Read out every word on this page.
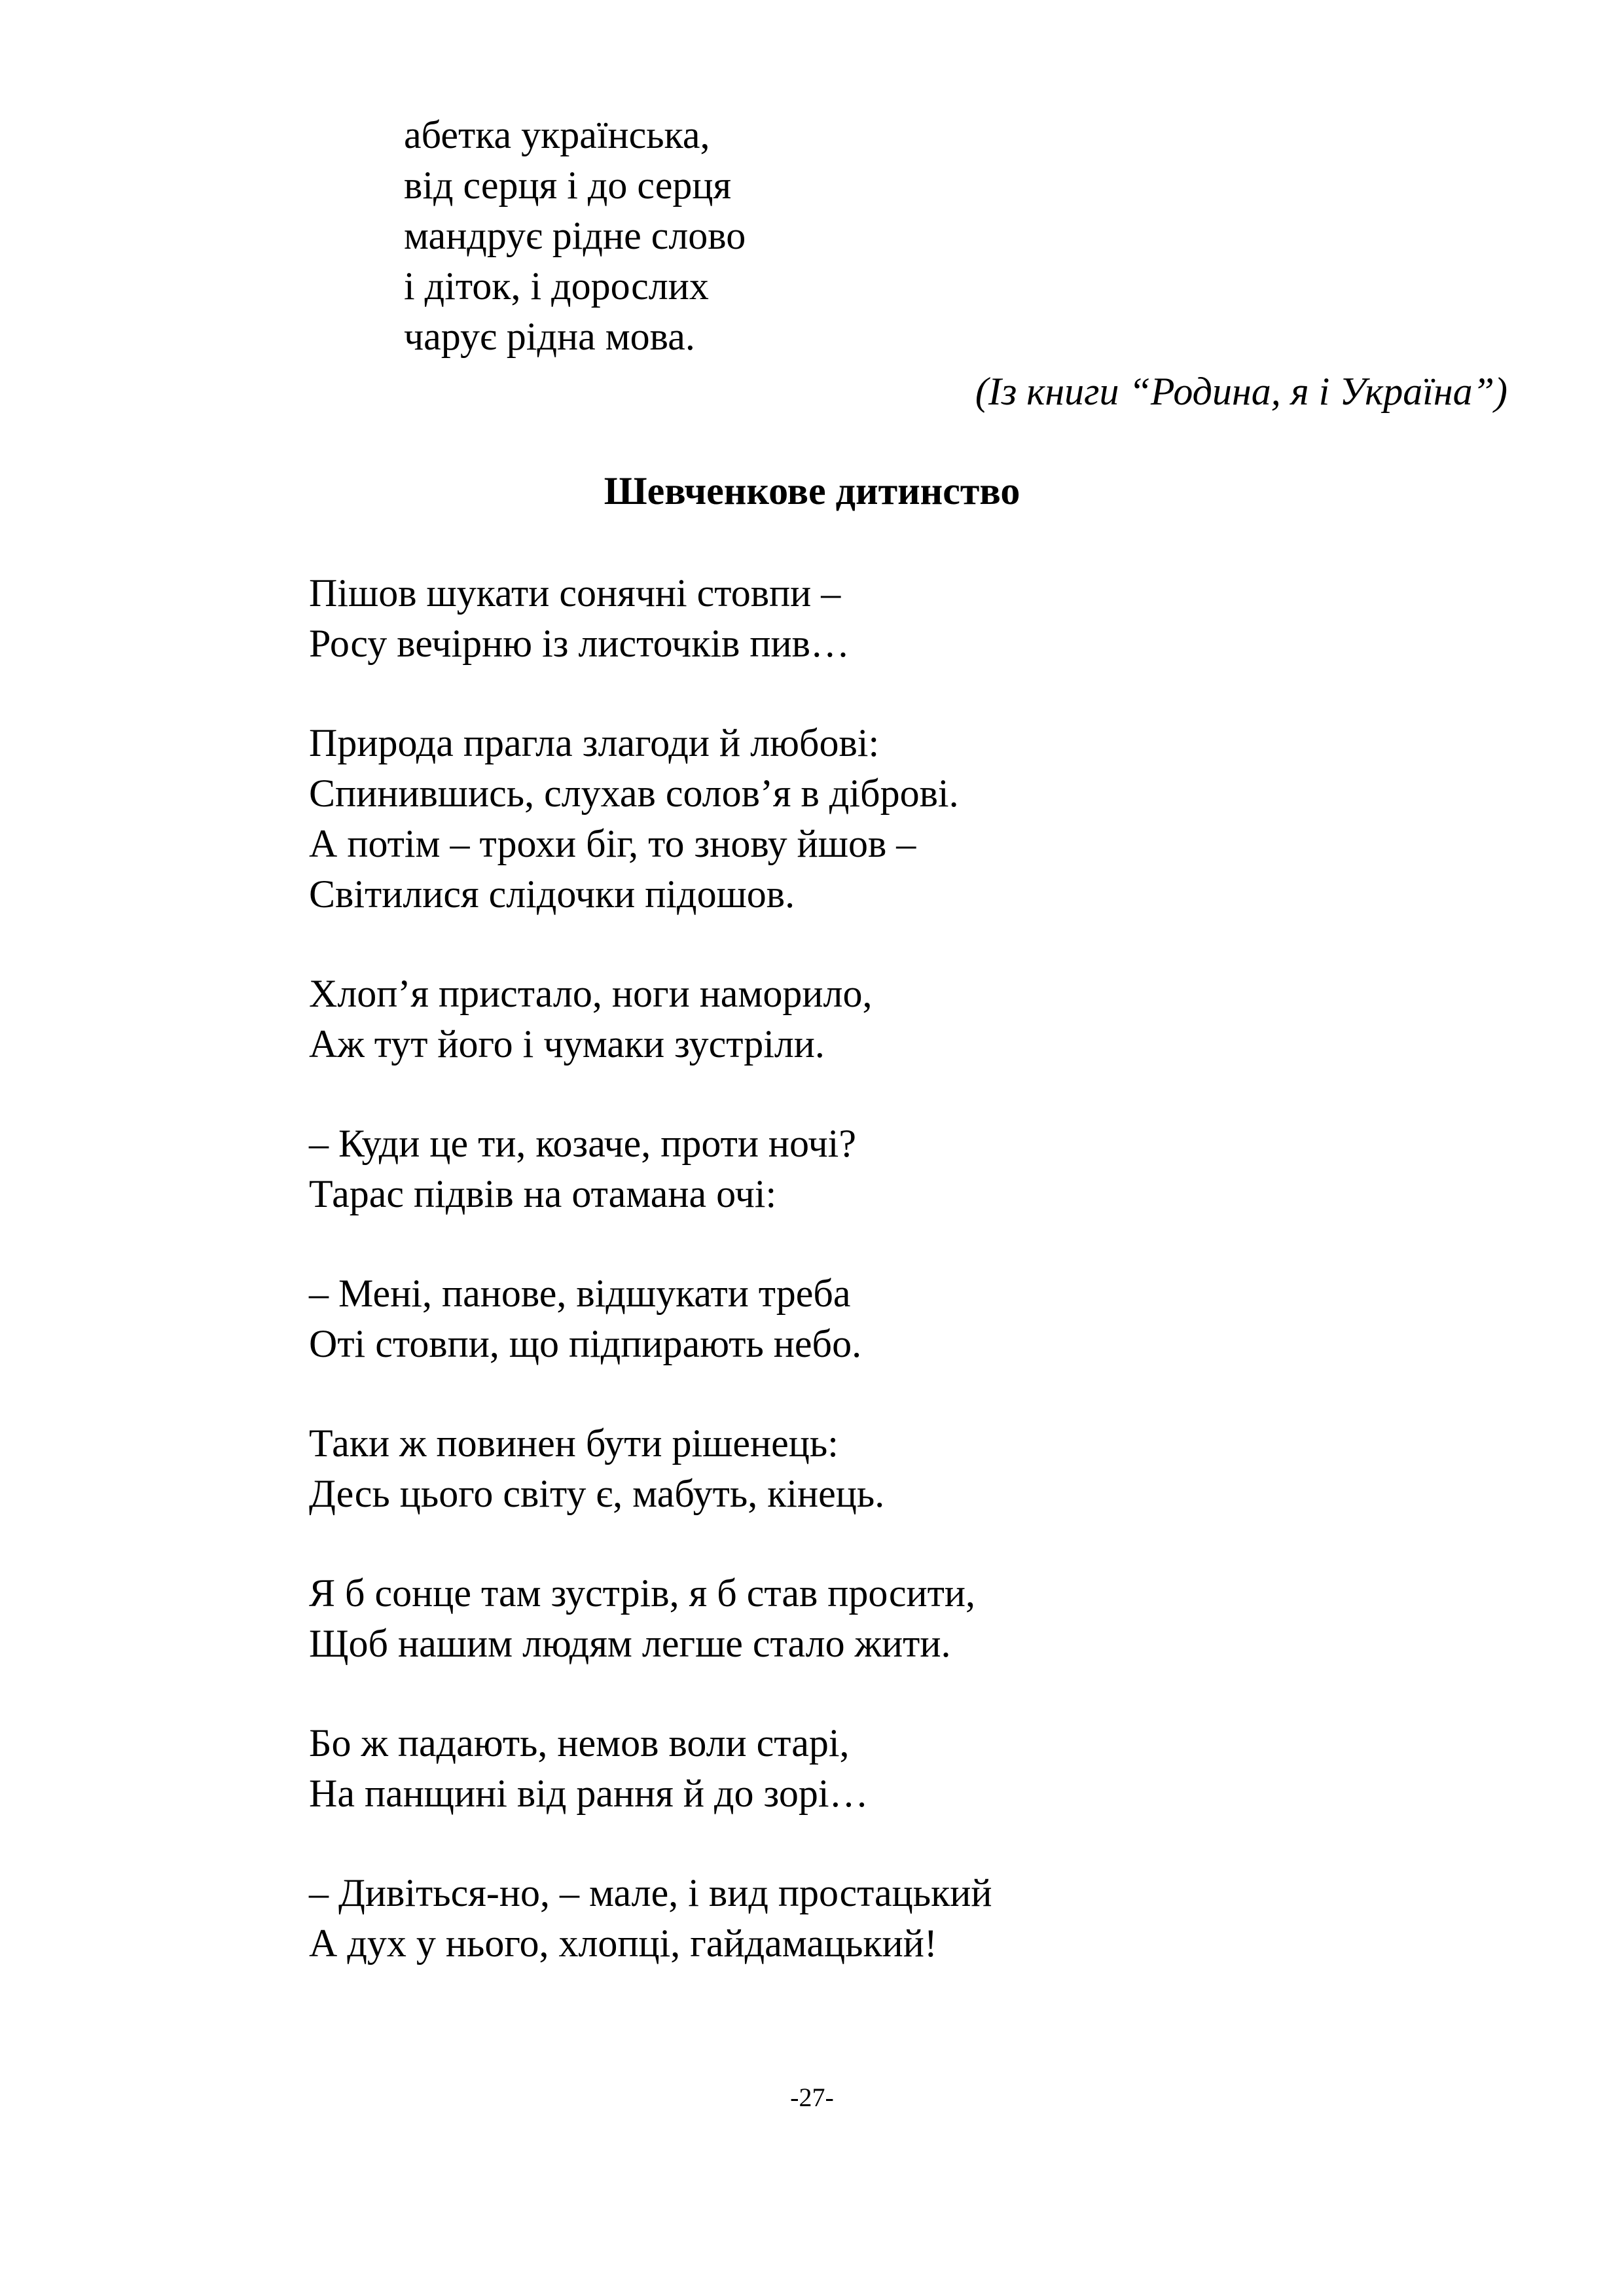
абетка українська,
від серця і до серця
мандрує рідне слово
і діток, і дорослих
чарує рідна мова.
(Із книги “Родина, я і Україна”)
Шевченкове дитинство
Пішов шукати сонячні стовпи –
Росу вечірню із листочків пив…
Природа прагла злагоди й любові:
Спинившись, слухав солов’я в діброві.
А потім – трохи біг, то знову йшов –
Світилися слідочки підошов.
Хлоп’я пристало, ноги наморило,
Аж тут його і чумаки зустріли.
– Куди це ти, козаче, проти ночі?
Тарас підвів на отамана очі:
– Мені, панове, відшукати треба
Оті стовпи, що підпирають небо.
Таки ж повинен бути рішенець:
Десь цього світу є, мабуть, кінець.
Я б сонце там зустрів, я б став просити,
Щоб нашим людям легше стало жити.
Бо ж падають, немов воли старі,
На панщині від рання й до зорі…
– Дивіться-но, – мале, і вид простацький
А дух у нього, хлопці, гайдамацький!
-27-
